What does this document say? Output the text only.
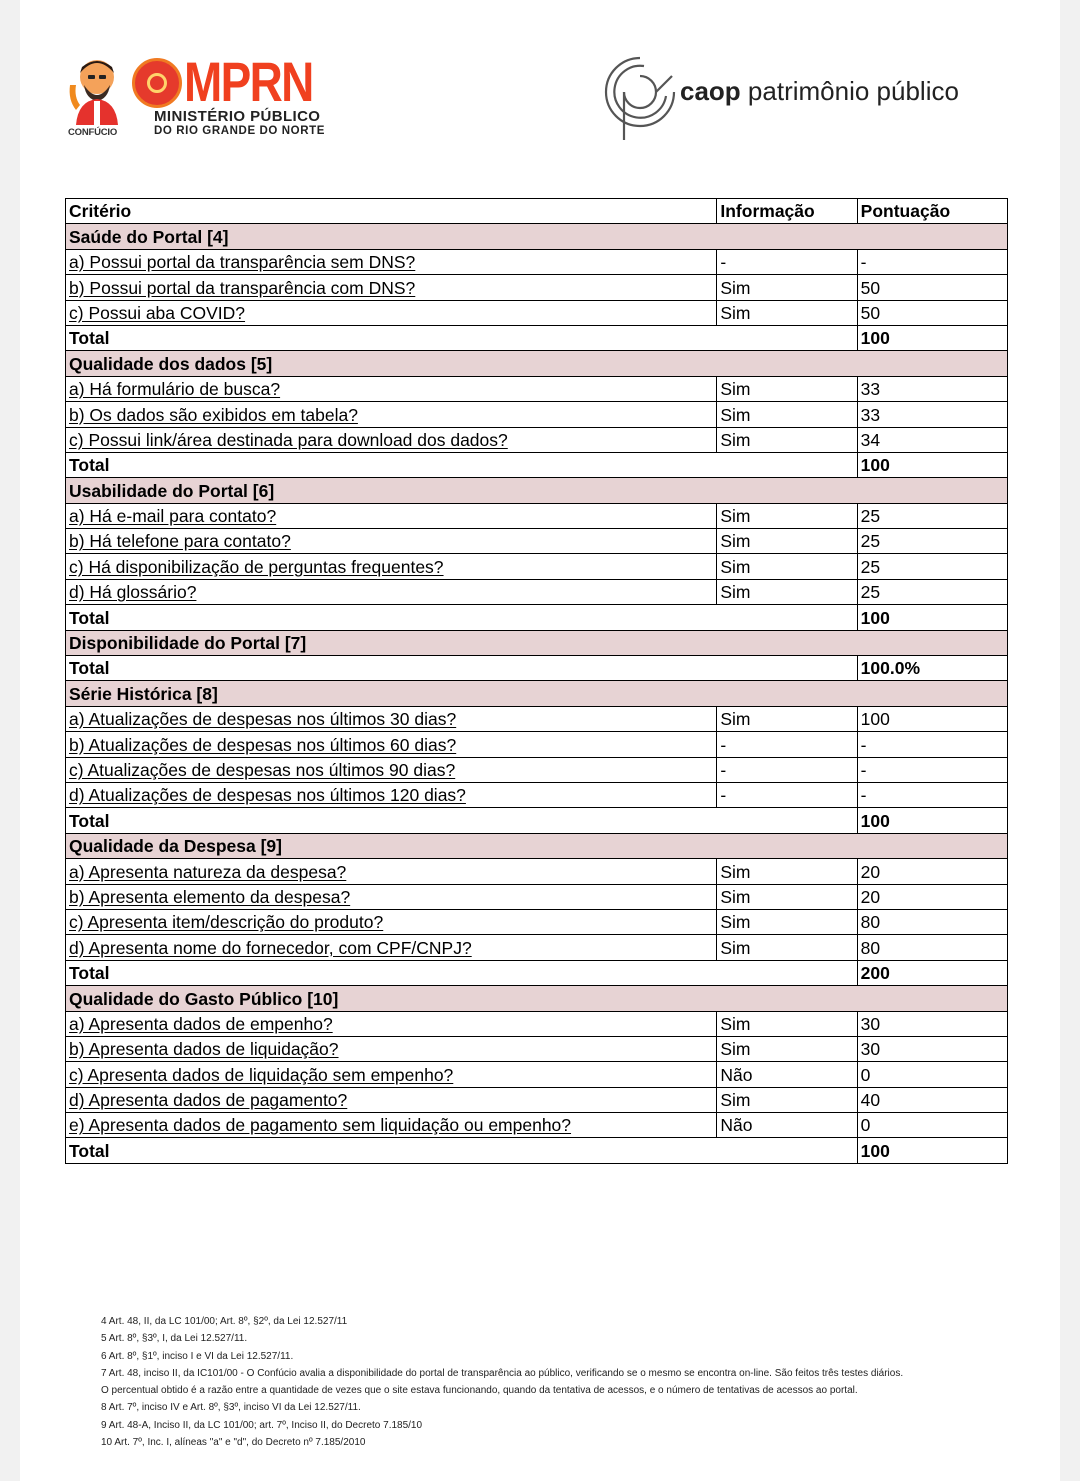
CONFÚCIO
MPRN
MINISTÉRIO PÚBLICO
DO RIO GRANDE DO NORTE
caop patrimônio público
Critério	Informação	Pontuação
Saúde do Portal [4]		
a) Possui portal da transparência sem DNS?	-	-
b) Possui portal da transparência com DNS?	Sim	50
c) Possui aba COVID?	Sim	50
Total		100
Qualidade dos dados [5]		
a) Há formulário de busca?	Sim	33
b) Os dados são exibidos em tabela?	Sim	33
c) Possui link/área destinada para download dos dados?	Sim	34
Total		100
Usabilidade do Portal [6]		
a) Há e-mail para contato?	Sim	25
b) Há telefone para contato?	Sim	25
c) Há disponibilização de perguntas frequentes?	Sim	25
d) Há glossário?	Sim	25
Total		100
Disponibilidade do Portal [7]		
Total		100.0%
Série Histórica [8]		
a) Atualizações de despesas nos últimos 30 dias?	Sim	100
b) Atualizações de despesas nos últimos 60 dias?	-	-
c) Atualizações de despesas nos últimos 90 dias?	-	-
d) Atualizações de despesas nos últimos 120 dias?	-	-
Total		100
Qualidade da Despesa [9]		
a) Apresenta natureza da despesa?	Sim	20
b) Apresenta elemento da despesa?	Sim	20
c) Apresenta item/descrição do produto?	Sim	80
d) Apresenta nome do fornecedor, com CPF/CNPJ?	Sim	80
Total		200
Qualidade do Gasto Público [10]		
a) Apresenta dados de empenho?	Sim	30
b) Apresenta dados de liquidação?	Sim	30
c) Apresenta dados de liquidação sem empenho?	Não	0
d) Apresenta dados de pagamento?	Sim	40
e) Apresenta dados de pagamento sem liquidação ou empenho?	Não	0
Total		100
4 Art. 48, II, da LC 101/00; Art. 8º, §2º, da Lei 12.527/11
5 Art. 8º, §3º, I, da Lei 12.527/11.
6 Art. 8º, §1º, inciso I e VI da Lei 12.527/11.
7 Art. 48, inciso II, da IC101/00 - O Confúcio avalia a disponibilidade do portal de transparência ao público, verificando se o mesmo se encontra on-line. São feitos três testes diários.
O percentual obtido é a razão entre a quantidade de vezes que o site estava funcionando, quando da tentativa de acessos, e o número de tentativas de acessos ao portal.
8 Art. 7º, inciso IV e Art. 8º, §3º, inciso VI da Lei 12.527/11.
9 Art. 48-A, Inciso II, da LC 101/00; art. 7º, Inciso II, do Decreto 7.185/10
10 Art. 7º, Inc. I, alíneas "a" e "d", do Decreto nº 7.185/2010
